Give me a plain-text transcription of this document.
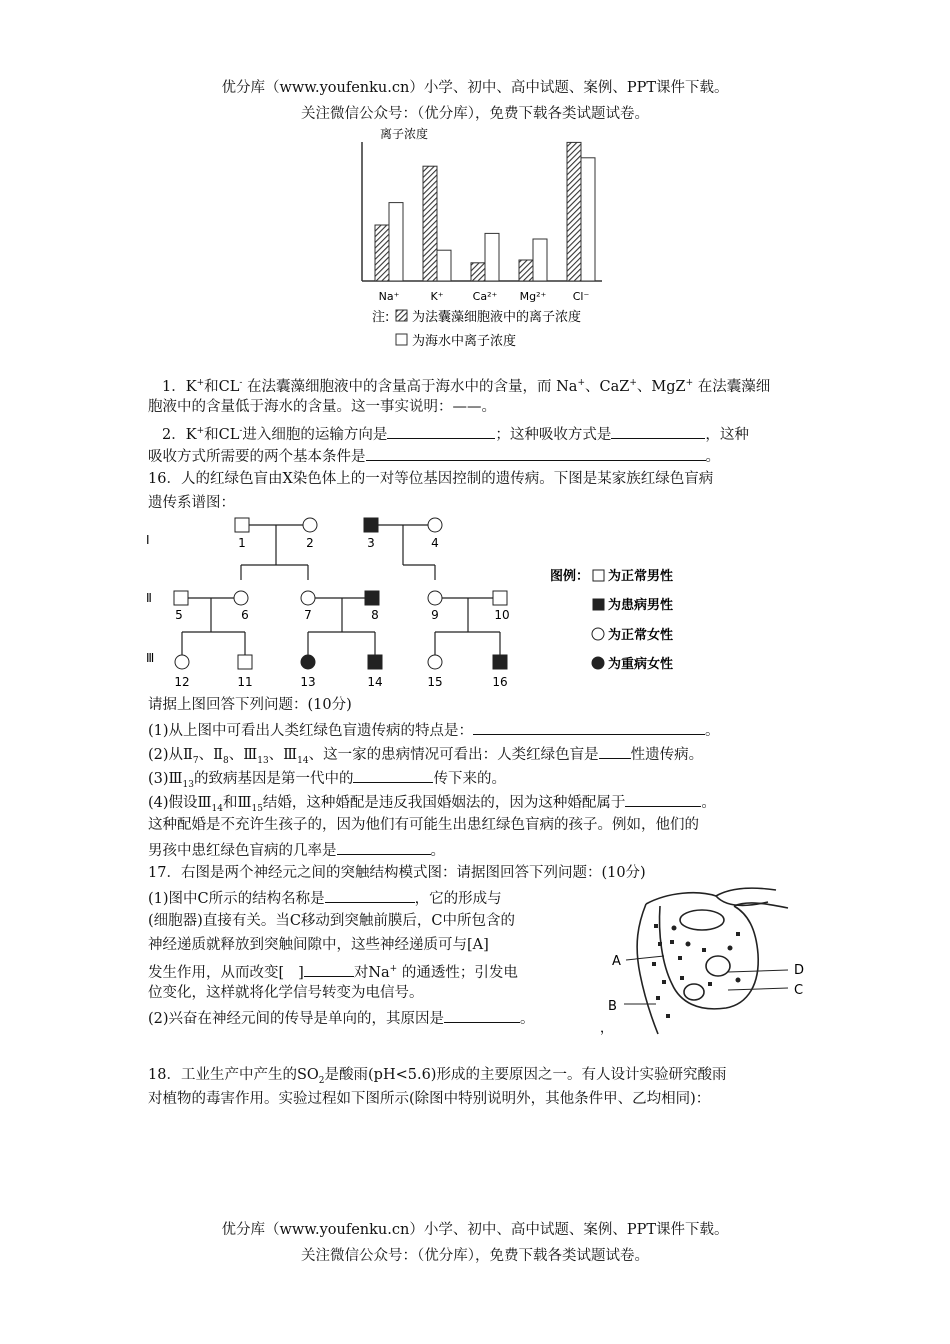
优分库（www.youfenku.cn）小学、初中、高中试题、案例、PPT课件下载。
关注微信公众号：（优分库），免费下载各类试题试卷。
离子浓度
Na⁺	K⁺	Ca²⁺ Mg²⁺ Cl⁻
注: 为法囊藻细胞液中的离子浓度
为海水中离子浓度
1．K+和CL- 在法囊藻细胞液中的含量高于海水中的含量，而 Na+、CaZ+、MgZ+ 在法囊藻细
胞液中的含量低于海水的含量。这一事实说明：——。
2．K+和CL-进入细胞的运输方向是	；这种吸收方式是	，这种
吸收方式所需要的两个基本条件是	。
16．人的红绿色盲由X染色体上的一对等位基因控制的遗传病。下图是某家族红绿色盲病
遗传系谱图：
I
Ⅱ
Ⅲ
1	2	3	4
5	6	7	8	9	10
12	11	13	14	15	16
图例： 为正常男性
为患病男性
为正常女性
为重病女性
请据上图回答下列问题：(10分)
(1)从上图中可看出人类红绿色盲遗传病的特点是：	。
(2)从$Ⅱ_7$、$Ⅱ_8$、$Ⅲ_{13}$、$Ⅲ_{14}$、这一家的患病情况可看出：人类红绿色盲是 性遗传病。
$(3)Ⅲ_{13}$的致病基因是第一代中的	传下来的。
(4)假设$Ⅲ_{14}$和$Ⅲ_{15}$结婚，这种婚配是违反我国婚姻法的，因为这种婚配属于	。
这种配婚是不充许生孩子的，因为他们有可能生出患红绿色盲病的孩子。例如，他们的
男孩中患红绿色盲病的几率是	。
17．右图是两个神经元之间的突触结构模式图：请据图回答下列问题：(10分)
(1)图中C所示的结构名称是	，它的形成与
(细胞器)直接有关。当C移动到突触前膜后，C中所包含的
神经递质就释放到突触间隙中，这些神经递质可与[A]
发生作用，从而改变[ ]	对Na+ 的通透性；引发电
位变化，这样就将化学信号转变为电信号。
(2)兴奋在神经元间的传导是单向的，其原因是	。
A
B
D
C
，
18．工业生产中产生的$SO_2$是酸雨(pH<5.6)形成的主要原因之一。有人设计实验研究酸雨
对植物的毒害作用。实验过程如下图所示(除图中特别说明外，其他条件甲、乙均相同)：
优分库（www.youfenku.cn）小学、初中、高中试题、案例、PPT课件下载。
关注微信公众号：（优分库），免费下载各类试题试卷。
